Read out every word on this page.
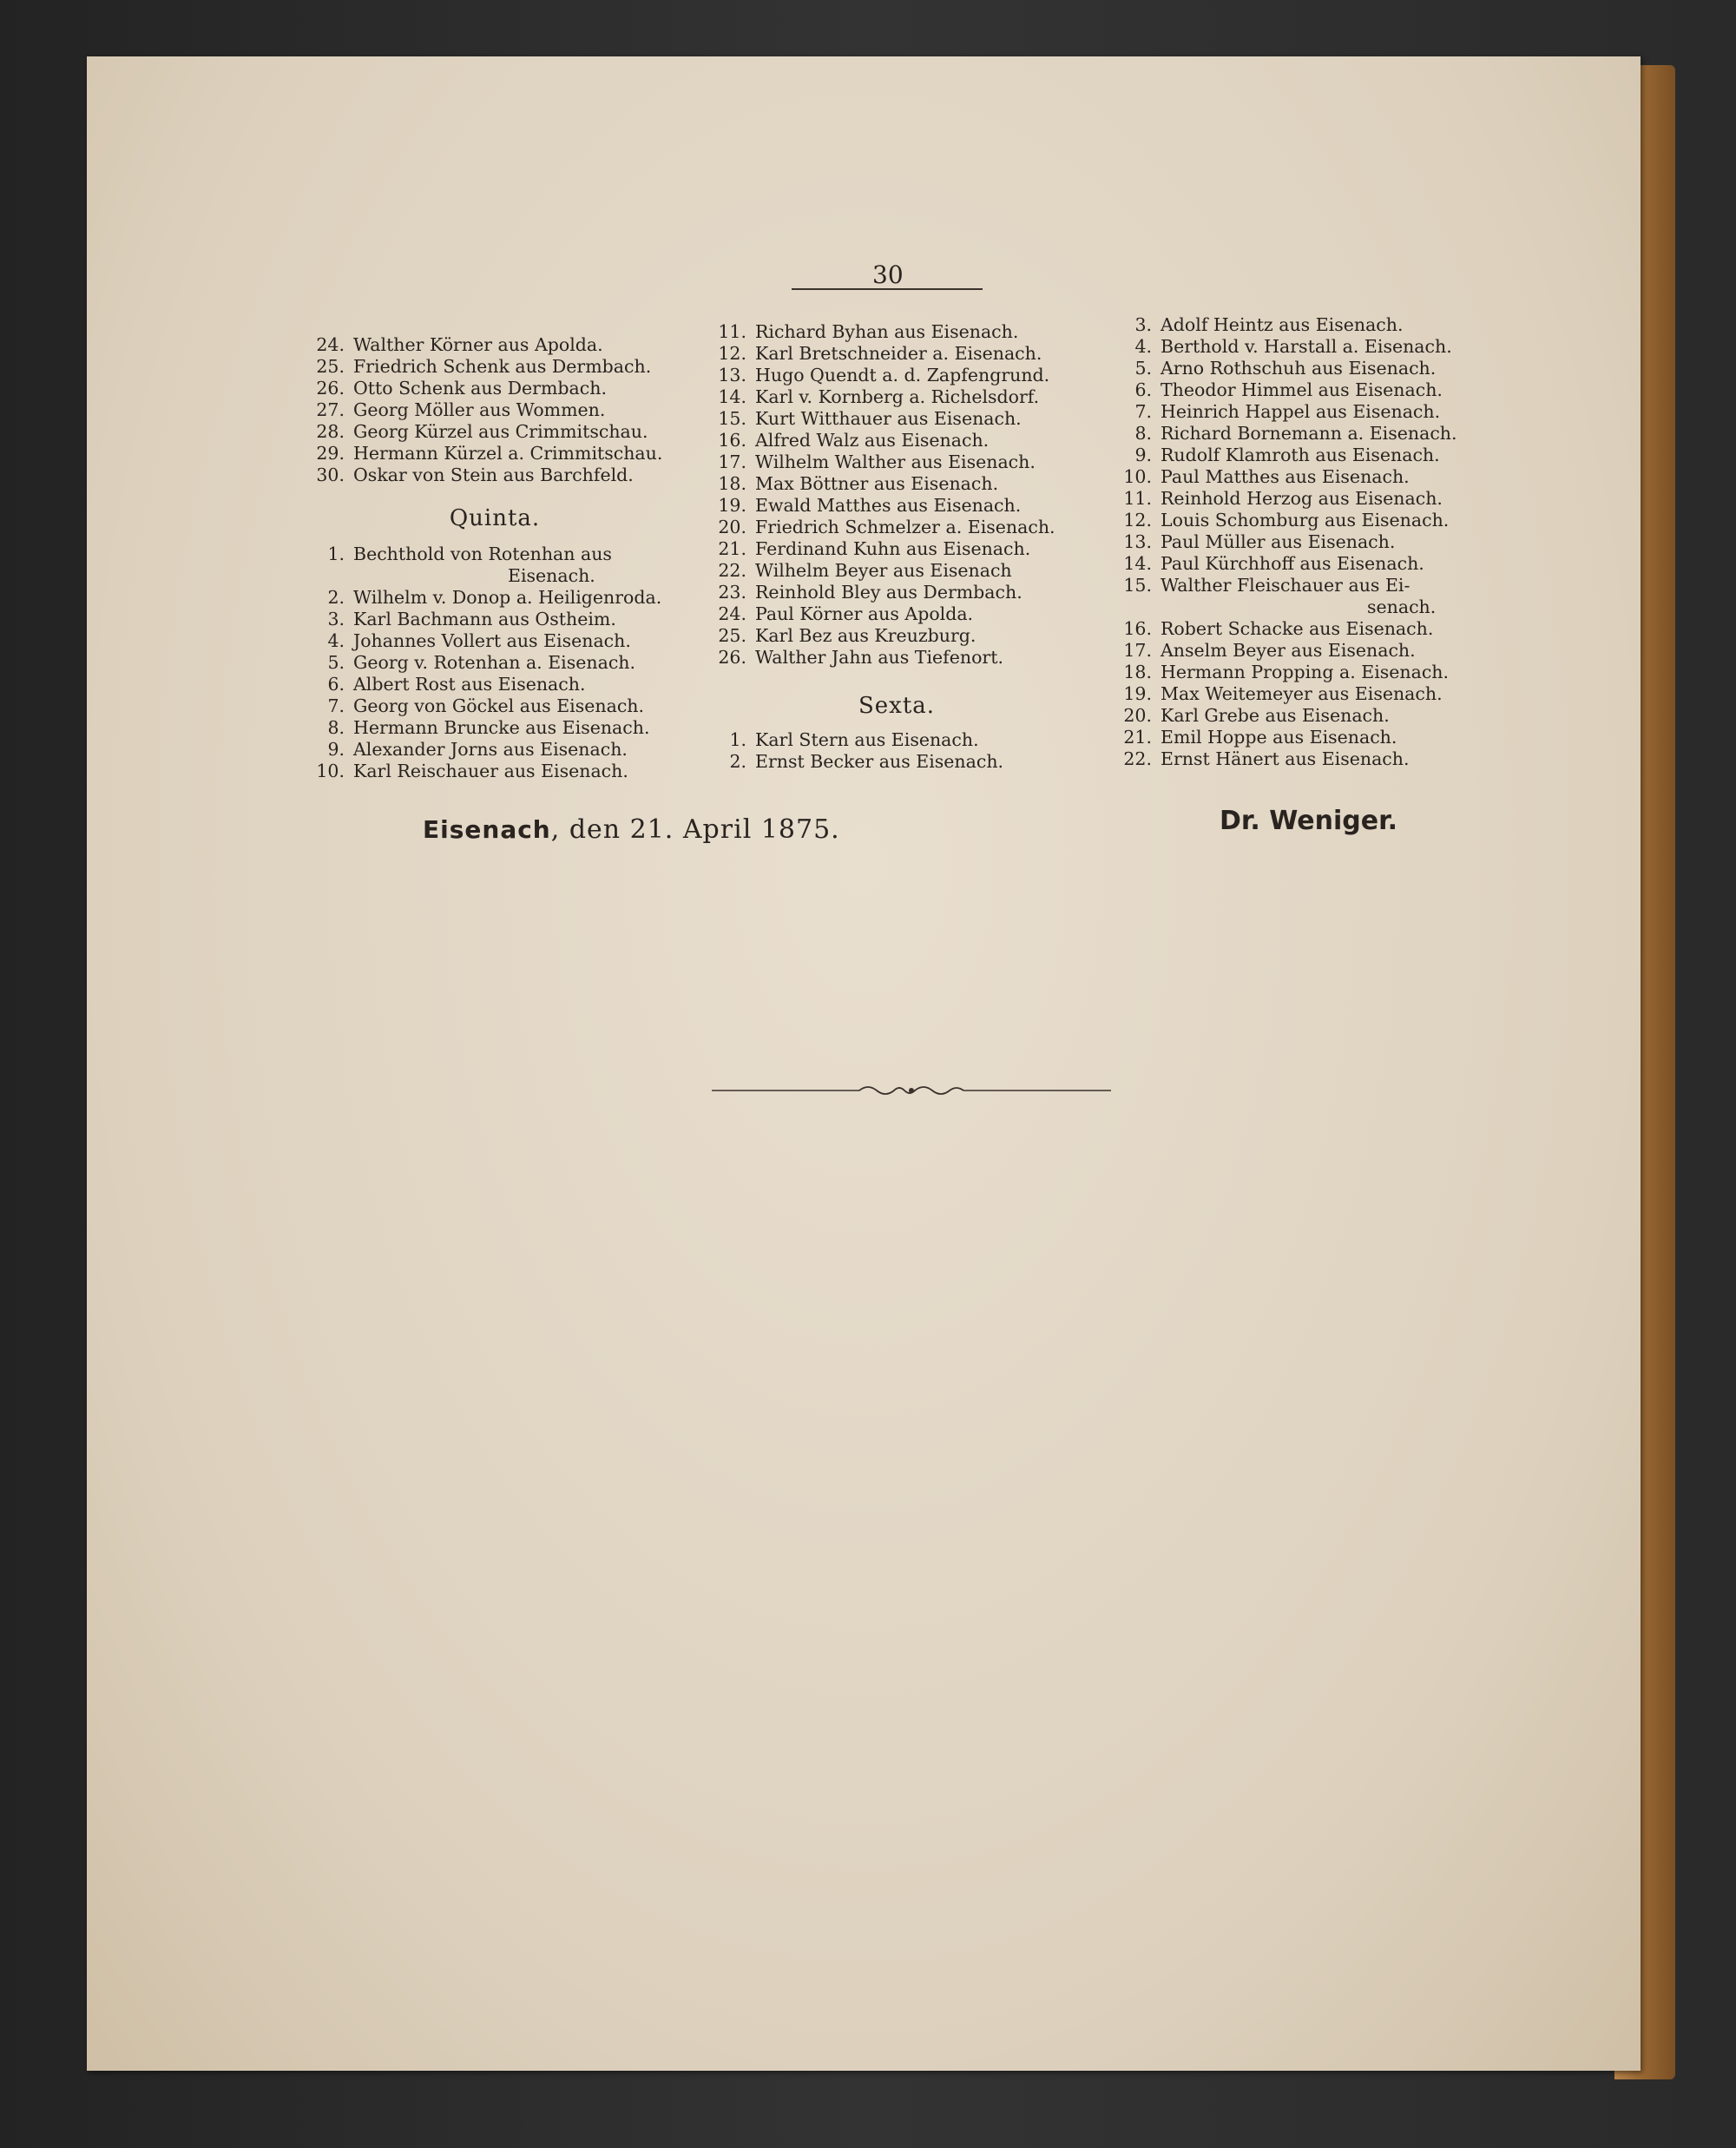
30
24. Walther Körner aus Apolda.
25. Friedrich Schenk aus Dermbach.
26. Otto Schenk aus Dermbach.
27. Georg Möller aus Wommen.
28. Georg Kürzel aus Crimmitschau.
29. Hermann Kürzel a. Crimmitschau.
30. Oskar von Stein aus Barchfeld.
Quinta.
1. Bechthold von Rotenhan aus
Eisenach.
2. Wilhelm v. Donop a. Heiligenroda.
3. Karl Bachmann aus Ostheim.
4. Johannes Vollert aus Eisenach.
5. Georg v. Rotenhan a. Eisenach.
6. Albert Rost aus Eisenach.
7. Georg von Göckel aus Eisenach.
8. Hermann Bruncke aus Eisenach.
9. Alexander Jorns aus Eisenach.
10. Karl Reischauer aus Eisenach.
11. Richard Byhan aus Eisenach.
12. Karl Bretschneider a. Eisenach.
13. Hugo Quendt a. d. Zapfengrund.
14. Karl v. Kornberg a. Richelsdorf.
15. Kurt Witthauer aus Eisenach.
16. Alfred Walz aus Eisenach.
17. Wilhelm Walther aus Eisenach.
18. Max Böttner aus Eisenach.
19. Ewald Matthes aus Eisenach.
20. Friedrich Schmelzer a. Eisenach.
21. Ferdinand Kuhn aus Eisenach.
22. Wilhelm Beyer aus Eisenach
23. Reinhold Bley aus Dermbach.
24. Paul Körner aus Apolda.
25. Karl Bez aus Kreuzburg.
26. Walther Jahn aus Tiefenort.
Sexta.
1. Karl Stern aus Eisenach.
2. Ernst Becker aus Eisenach.
3. Adolf Heintz aus Eisenach.
4. Berthold v. Harstall a. Eisenach.
5. Arno Rothschuh aus Eisenach.
6. Theodor Himmel aus Eisenach.
7. Heinrich Happel aus Eisenach.
8. Richard Bornemann a. Eisenach.
9. Rudolf Klamroth aus Eisenach.
10. Paul Matthes aus Eisenach.
11. Reinhold Herzog aus Eisenach.
12. Louis Schomburg aus Eisenach.
13. Paul Müller aus Eisenach.
14. Paul Kürchhoff aus Eisenach.
15. Walther Fleischauer aus Ei-
senach.
16. Robert Schacke aus Eisenach.
17. Anselm Beyer aus Eisenach.
18. Hermann Propping a. Eisenach.
19. Max Weitemeyer aus Eisenach.
20. Karl Grebe aus Eisenach.
21. Emil Hoppe aus Eisenach.
22. Ernst Hänert aus Eisenach.
Eisenach, den 21. April 1875.	Dr. Weniger.
